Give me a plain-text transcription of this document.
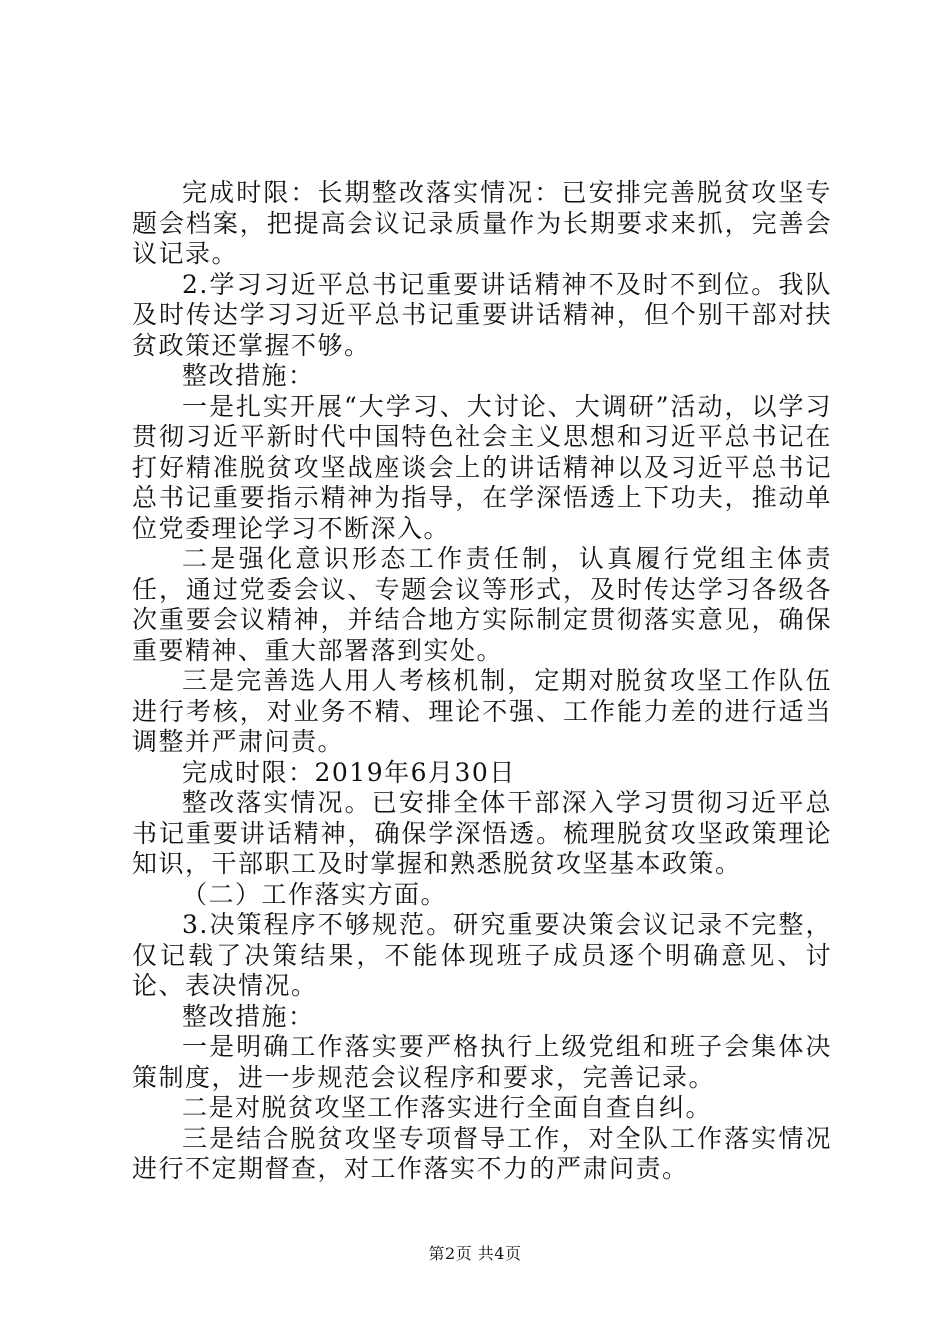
完成时限：长期整改落实情况：已安排完善脱贫攻坚专题会档案，把提高会议记录质量作为长期要求来抓，完善会议记录。

2.学习习近平总书记重要讲话精神不及时不到位。我队及时传达学习习近平总书记重要讲话精神，但个别干部对扶贫政策还掌握不够。

整改措施：

一是扎实开展“大学习、大讨论、大调研”活动，以学习贯彻习近平新时代中国特色社会主义思想和习近平总书记在打好精准脱贫攻坚战座谈会上的讲话精神以及习近平总书记总书记重要指示精神为指导，在学深悟透上下功夫，推动单位党委理论学习不断深入。

二是强化意识形态工作责任制，认真履行党组主体责任，通过党委会议、专题会议等形式，及时传达学习各级各次重要会议精神，并结合地方实际制定贯彻落实意见，确保重要精神、重大部署落到实处。

三是完善选人用人考核机制，定期对脱贫攻坚工作队伍进行考核，对业务不精、理论不强、工作能力差的进行适当调整并严肃问责。

完成时限：2019年6月30日

整改落实情况。已安排全体干部深入学习贯彻习近平总书记重要讲话精神，确保学深悟透。梳理脱贫攻坚政策理论知识，干部职工及时掌握和熟悉脱贫攻坚基本政策。

（二）工作落实方面。

3.决策程序不够规范。研究重要决策会议记录不完整，仅记载了决策结果，不能体现班子成员逐个明确意见、讨论、表决情况。

整改措施：

一是明确工作落实要严格执行上级党组和班子会集体决策制度，进一步规范会议程序和要求，完善记录。

二是对脱贫攻坚工作落实进行全面自查自纠。

三是结合脱贫攻坚专项督导工作，对全队工作落实情况进行不定期督查，对工作落实不力的严肃问责。

第2页 共4页
